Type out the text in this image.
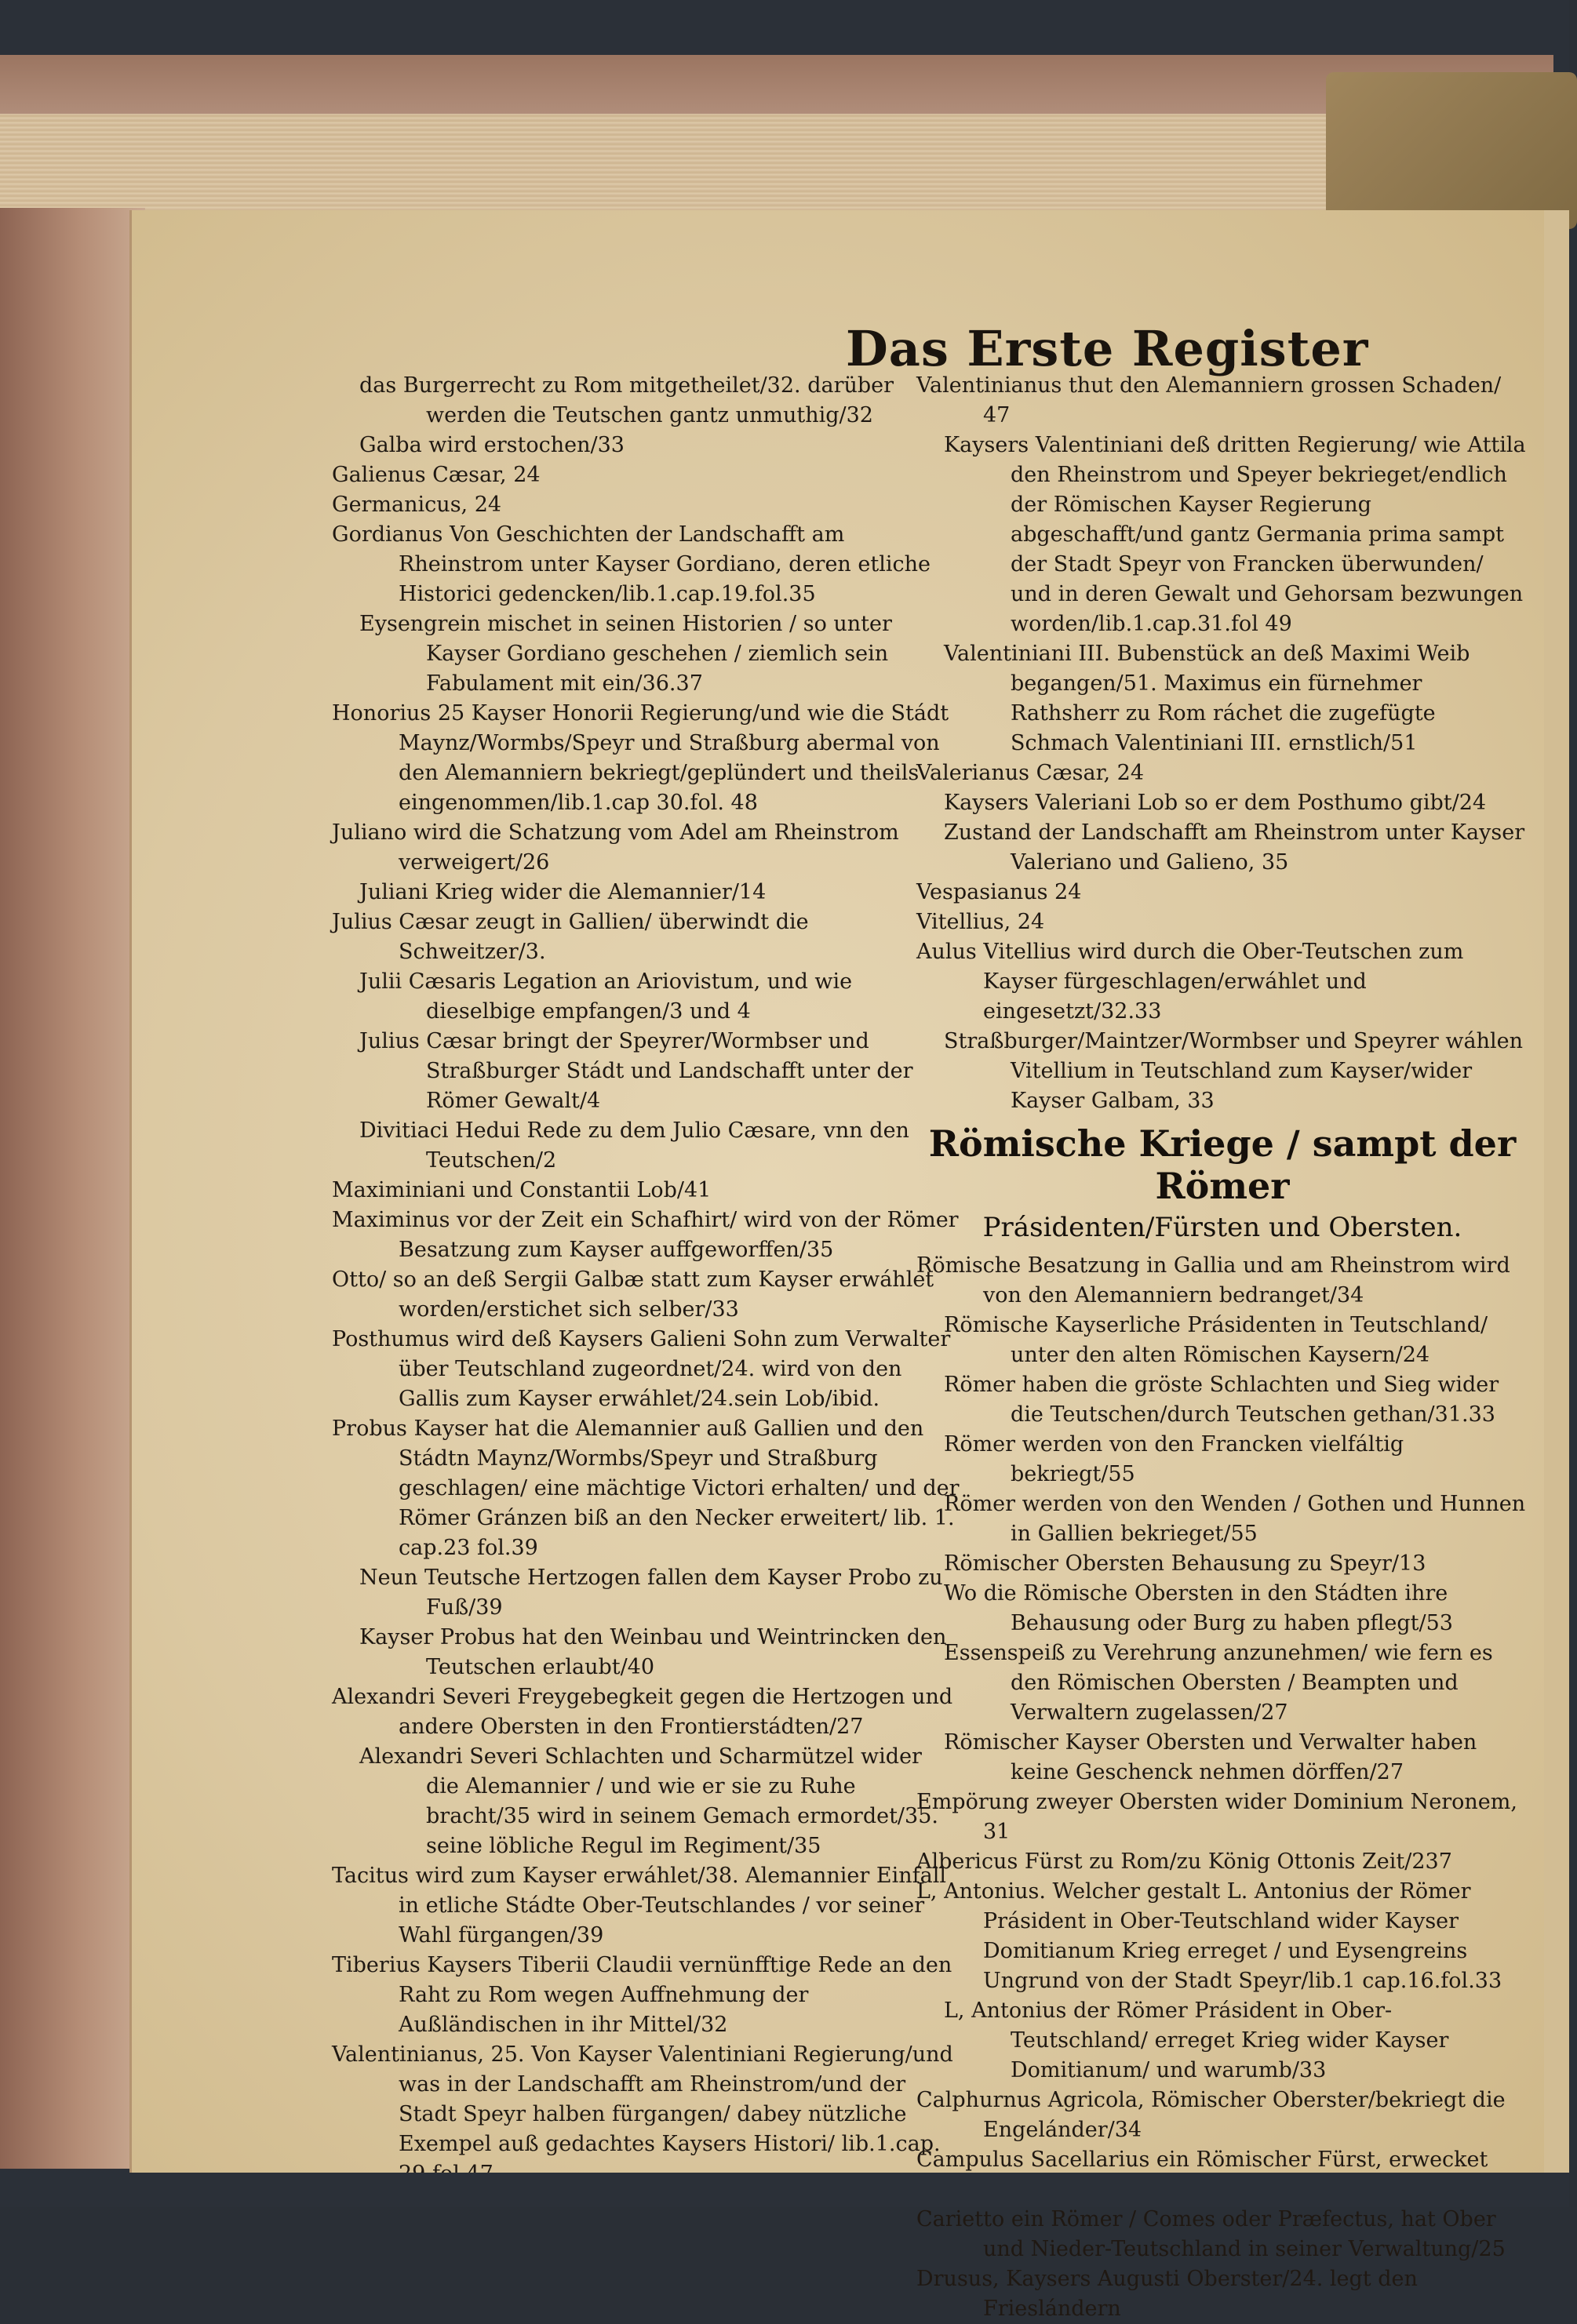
Das Erste Register

das Burgerrecht zu Rom mitgetheilet/32. darüber werden die Teutschen gantz unmuthig/32

Galba wird erstochen/33

Galienus Cæsar, 24

Germanicus, 24

Gordianus Von Geschichten der Landschafft am Rheinstrom unter Kayser Gordiano, deren etliche Historici gedencken/lib.1.cap.19.fol.35

Eysengrein mischet in seinen Historien / so unter Kayser Gordiano geschehen / ziemlich sein Fabulament mit ein/36.37

Honorius 25 Kayser Honorii Regierung/und wie die Stádt Maynz/Wormbs/Speyr und Straßburg abermal von den Alemanniern bekriegt/geplündert und theils eingenommen/lib.1.cap 30.fol. 48

Juliano wird die Schatzung vom Adel am Rheinstrom verweigert/26

Juliani Krieg wider die Alemannier/14

Julius Cæsar zeugt in Gallien/ überwindt die Schweitzer/3.

Julii Cæsaris Legation an Ariovistum, und wie dieselbige empfangen/3 und 4

Julius Cæsar bringt der Speyrer/Wormbser und Straßburger Stádt und Landschafft unter der Römer Gewalt/4

Divitiaci Hedui Rede zu dem Julio Cæsare, vnn den Teutschen/2

Maximiniani und Constantii Lob/41

Maximinus vor der Zeit ein Schafhirt/ wird von der Römer Besatzung zum Kayser auffgeworffen/35

Otto/ so an deß Sergii Galbæ statt zum Kayser erwáhlet worden/erstichet sich selber/33

Posthumus wird deß Kaysers Galieni Sohn zum Verwalter über Teutschland zugeordnet/24. wird von den Gallis zum Kayser erwáhlet/24.sein Lob/ibid.

Probus Kayser hat die Alemannier auß Gallien und den Stádtn Maynz/Wormbs/Speyr und Straßburg geschlagen/ eine mächtige Victori erhalten/ und der Römer Gránzen biß an den Necker erweitert/ lib. 1. cap.23 fol.39

Neun Teutsche Hertzogen fallen dem Kayser Probo zu Fuß/39

Kayser Probus hat den Weinbau und Weintrincken den Teutschen erlaubt/40

Alexandri Severi Freygebegkeit gegen die Hertzogen und andere Obersten in den Frontierstádten/27

Alexandri Severi Schlachten und Scharmützel wider die Alemannier / und wie er sie zu Ruhe bracht/35 wird in seinem Gemach ermordet/35. seine löbliche Regul im Regiment/35

Tacitus wird zum Kayser erwáhlet/38. Alemannier Einfall in etliche Stádte Ober-Teutschlandes / vor seiner Wahl fürgangen/39

Tiberius Kaysers Tiberii Claudii vernünfftige Rede an den Raht zu Rom wegen Auffnehmung der Außländischen in ihr Mittel/32

Valentinianus, 25. Von Kayser Valentiniani Regierung/und was in der Landschafft am Rheinstrom/und der Stadt Speyr halben fürgangen/ dabey nützliche Exempel auß gedachtes Kaysers Histori/ lib.1.cap.

Valentinianus thut den Alemanniern grossen Schaden/ 47

Kaysers Valentiniani deß dritten Regierung/ wie Attila den Rheinstrom und Speyer bekrieget/endlich der Römischen Kayser Regierung abgeschafft/und gantz Germania prima sampt der Stadt Speyr von Francken überwunden/ und in deren Gewalt und Gehorsam bezwungen worden/lib.1.cap.31.fol 49

Valentiniani III. Bubenstück an deß Maximi Weib begangen/51. Maximus ein fürnehmer Rathsherr zu Rom ráchet die zugefügte Schmach Valentiniani III. ernstlich/51

Valerianus Cæsar, 24

Kaysers Valeriani Lob so er dem Posthumo gibt/24

Zustand der Landschafft am Rheinstrom unter Kayser Valeriano und Galieno, 35

Vespasianus 24

Vitellius, 24

Aulus Vitellius wird durch die Ober-Teutschen zum Kayser fürgeschlagen/erwáhlet und eingesetzt/32.33

Straßburger/Maintzer/Wormbser und Speyrer wáhlen Vitellium in Teutschland zum Kayser/wider Kayser Galbam, 33

Römische Kriege / sampt der Römer
Prásidenten/Fürsten und Obersten.

Römische Besatzung in Gallia und am Rheinstrom wird von den Alemanniern bedranget/34

Römische Kayserliche Prásidenten in Teutschland/ unter den alten Römischen Kaysern/24

Römer haben die gröste Schlachten und Sieg wider die Teutschen/durch Teutschen gethan/31.33

Römer werden von den Francken vielfáltig bekriegt/55

Römer werden von den Wenden / Gothen und Hunnen in Gallien bekrieget/55

Römischer Obersten Behausung zu Speyr/13

Wo die Römische Obersten in den Stádten ihre Behausung oder Burg zu haben pflegt/53

Essenspeiß zu Verehrung anzunehmen/ wie fern es den Römischen Obersten / Beampten und Verwaltern zugelassen/27

Römischer Kayser Obersten und Verwalter haben keine Geschenck nehmen dörffen/27

Empörung zweyer Obersten wider Dominium Neronem, 31

Albericus Fürst zu Rom/zu König Ottonis Zeit/237

L, Antonius. Welcher gestalt L. Antonius der Römer Prásident in Ober-Teutschland wider Kayser Domitianum Krieg erreget / und Eysengreins Ungrund von der Stadt Speyr/lib.1 cap.16.fol.33

L, Antonius der Römer Prásident in Ober-Teutschland/ erreget Krieg wider Kayser Domitianum/ und warumb/33

Calphurnus Agricola, Römischer Oberster/bekriegt die Engelánder/34

Campulus Sacellarius ein Römischer Fürst, erwecket

Carietto ein Römer / Comes oder Præfectus, hat Ober und Nieder-Teutschland in seiner Verwaltung/25

Drusus, Kaysers Augusti Oberster/24. legt den Frieslándern
